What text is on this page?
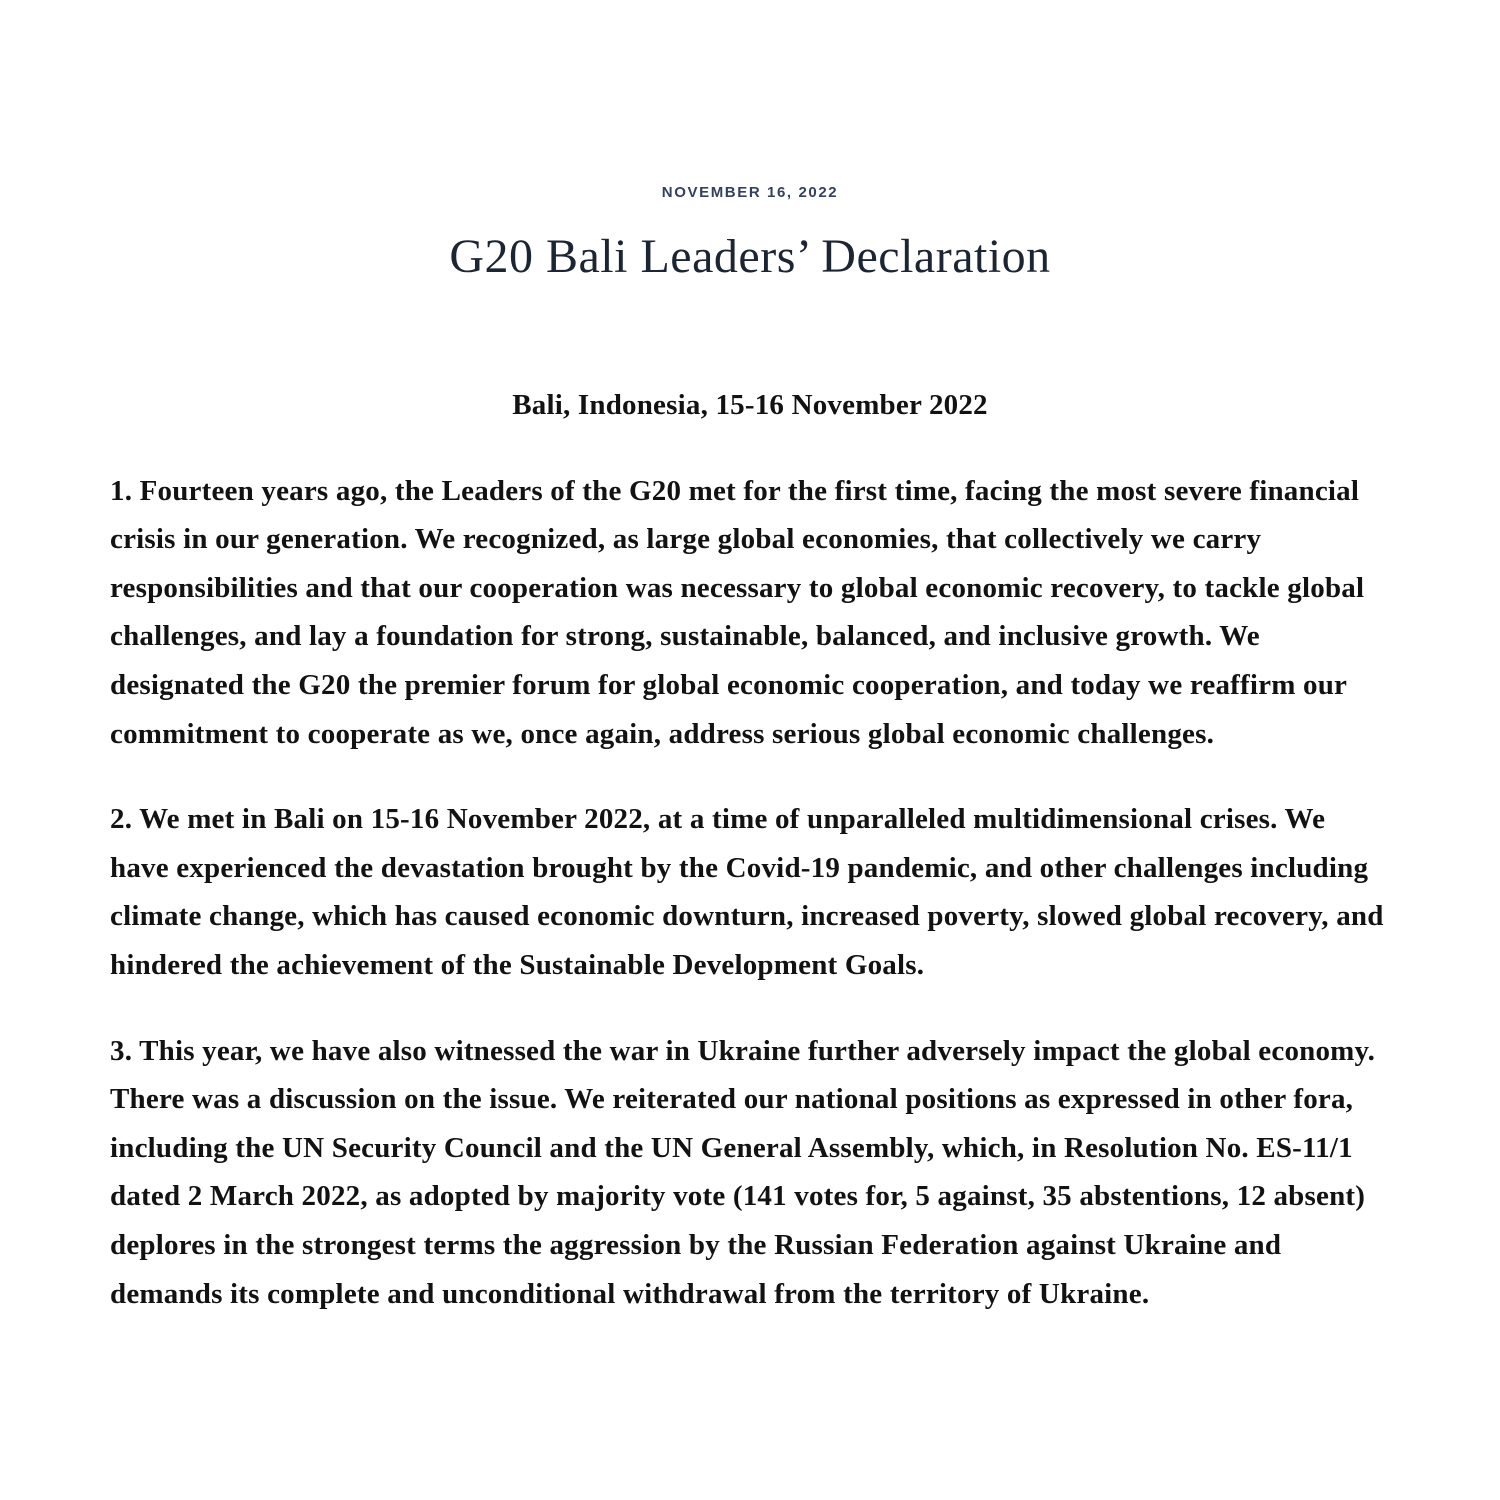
NOVEMBER 16, 2022
G20 Bali Leaders’ Declaration

Bali, Indonesia, 15-16 November 2022

1. Fourteen years ago, the Leaders of the G20 met for the first time, facing the most severe financial crisis in our generation. We recognized, as large global economies, that collectively we carry responsibilities and that our cooperation was necessary to global economic recovery, to tackle global challenges, and lay a foundation for strong, sustainable, balanced, and inclusive growth. We designated the G20 the premier forum for global economic cooperation, and today we reaffirm our commitment to cooperate as we, once again, address serious global economic challenges.

2. We met in Bali on 15-16 November 2022, at a time of unparalleled multidimensional crises. We have experienced the devastation brought by the Covid-19 pandemic, and other challenges including climate change, which has caused economic downturn, increased poverty, slowed global recovery, and hindered the achievement of the Sustainable Development Goals.

3. This year, we have also witnessed the war in Ukraine further adversely impact the global economy. There was a discussion on the issue. We reiterated our national positions as expressed in other fora, including the UN Security Council and the UN General Assembly, which, in Resolution No. ES-11/1 dated 2 March 2022, as adopted by majority vote (141 votes for, 5 against, 35 abstentions, 12 absent) deplores in the strongest terms the aggression by the Russian Federation against Ukraine and demands its complete and unconditional withdrawal from the territory of Ukraine.
